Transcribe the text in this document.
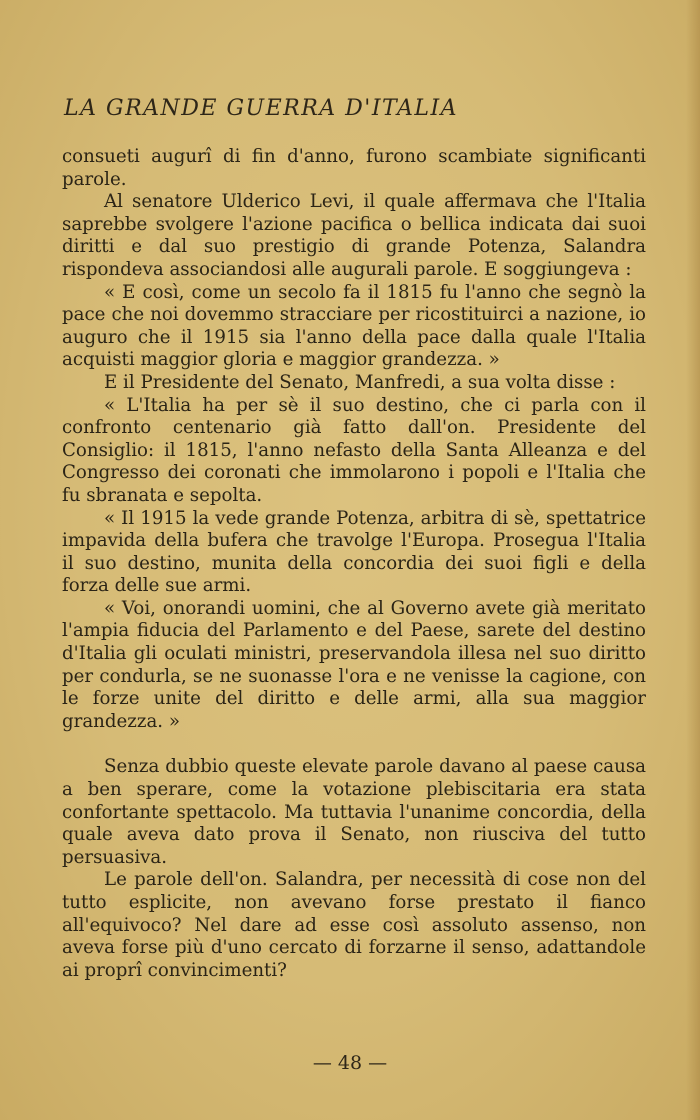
LA GRANDE GUERRA D'ITALIA

consueti augurî di fin d'anno, furono scambiate significanti parole.

Al senatore Ulderico Levi, il quale affermava che l'Italia saprebbe svolgere l'azione pacifica o bellica indicata dai suoi diritti e dal suo prestigio di grande Potenza, Salandra rispondeva associandosi alle augurali parole. E soggiungeva :

« E così, come un secolo fa il 1815 fu l'anno che segnò la pace che noi dovemmo stracciare per ricostituirci a nazione, io auguro che il 1915 sia l'anno della pace dalla quale l'Italia acquisti maggior gloria e maggior grandezza. »

E il Presidente del Senato, Manfredi, a sua volta disse :

« L'Italia ha per sè il suo destino, che ci parla con il confronto centenario già fatto dall'on. Presidente del Consiglio: il 1815, l'anno nefasto della Santa Alleanza e del Congresso dei coronati che immolarono i popoli e l'Italia che fu sbranata e sepolta.

« Il 1915 la vede grande Potenza, arbitra di sè, spettatrice impavida della bufera che travolge l'Europa. Prosegua l'Italia il suo destino, munita della concordia dei suoi figli e della forza delle sue armi.

« Voi, onorandi uomini, che al Governo avete già meritato l'ampia fiducia del Parlamento e del Paese, sarete del destino d'Italia gli oculati ministri, preservandola illesa nel suo diritto per condurla, se ne suonasse l'ora e ne venisse la cagione, con le forze unite del diritto e delle armi, alla sua maggior grandezza. »

Senza dubbio queste elevate parole davano al paese causa a ben sperare, come la votazione plebiscitaria era stata confortante spettacolo. Ma tuttavia l'unanime concordia, della quale aveva dato prova il Senato, non riusciva del tutto persuasiva.

Le parole dell'on. Salandra, per necessità di cose non del tutto esplicite, non avevano forse prestato il fianco all'equivoco? Nel dare ad esse così assoluto assenso, non aveva forse più d'uno cercato di forzarne il senso, adattandole ai proprî convincimenti?

— 48 —
